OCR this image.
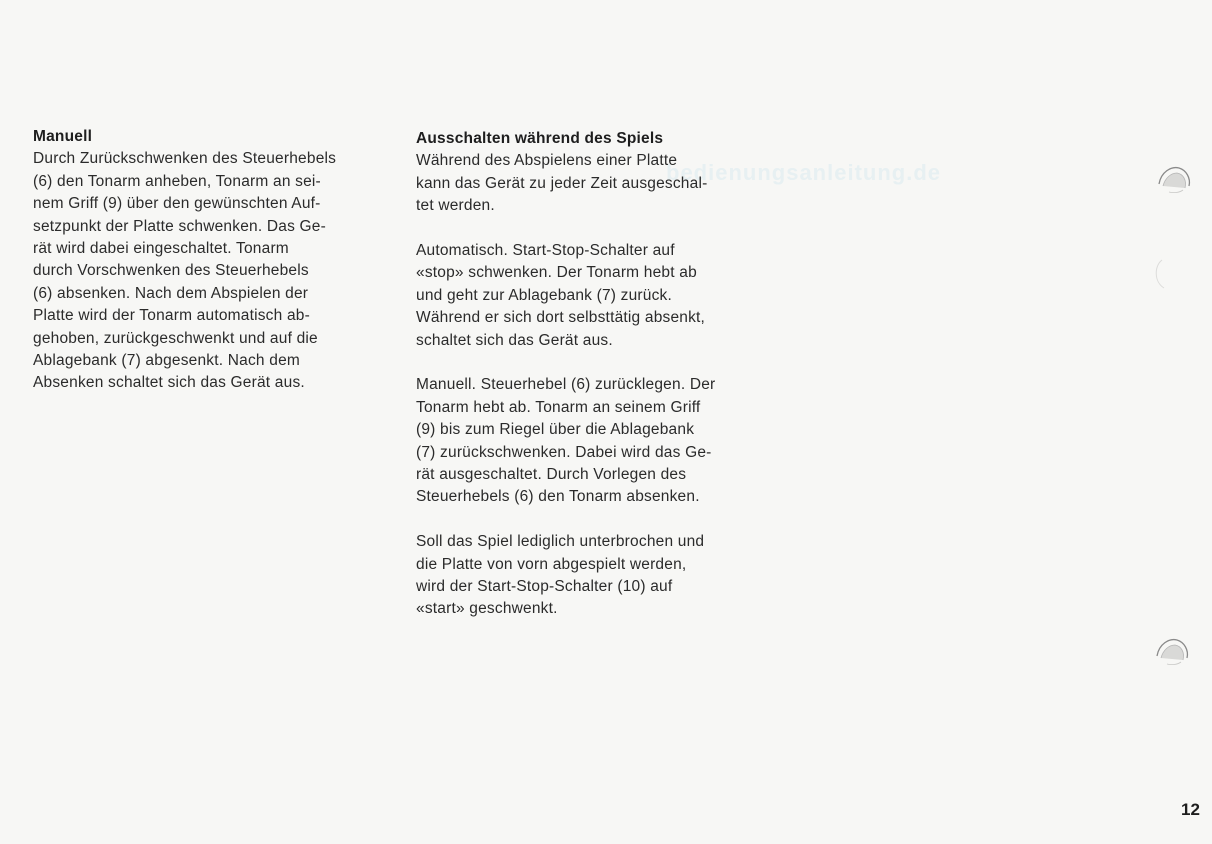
bedienungsanleitung.de
Manuell
Durch Zurückschwenken des Steuerhebels
(6) den Tonarm anheben, Tonarm an sei-
nem Griff (9) über den gewünschten Auf-
setzpunkt der Platte schwenken. Das Ge-
rät wird dabei eingeschaltet. Tonarm
durch Vorschwenken des Steuerhebels
(6) absenken. Nach dem Abspielen der
Platte wird der Tonarm automatisch ab-
gehoben, zurückgeschwenkt und auf die
Ablagebank (7) abgesenkt. Nach dem
Absenken schaltet sich das Gerät aus.
Ausschalten während des Spiels
Während des Abspielens einer Platte
kann das Gerät zu jeder Zeit ausgeschal-
tet werden.
Automatisch. Start-Stop-Schalter auf
«stop» schwenken. Der Tonarm hebt ab
und geht zur Ablagebank (7) zurück.
Während er sich dort selbsttätig absenkt,
schaltet sich das Gerät aus.
Manuell. Steuerhebel (6) zurücklegen. Der
Tonarm hebt ab. Tonarm an seinem Griff
(9) bis zum Riegel über die Ablagebank
(7) zurückschwenken. Dabei wird das Ge-
rät ausgeschaltet. Durch Vorlegen des
Steuerhebels (6) den Tonarm absenken.
Soll das Spiel lediglich unterbrochen und
die Platte von vorn abgespielt werden,
wird der Start-Stop-Schalter (10) auf
«start» geschwenkt.
12
